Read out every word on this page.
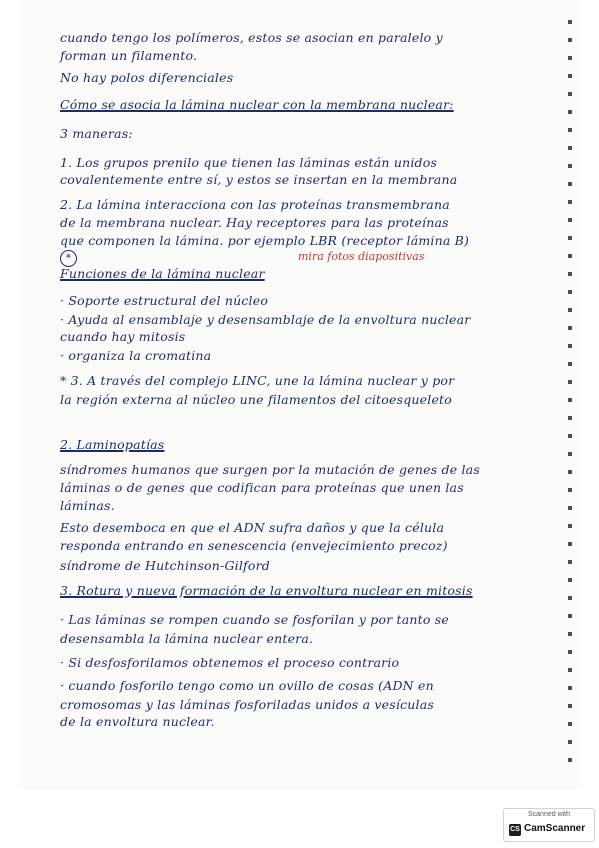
cuando tengo los polímeros, estos se asocian en paralelo y
forman un filamento.
No hay polos diferenciales
Cómo se asocia la lámina nuclear con la membrana nuclear:
3 maneras:
1. Los grupos prenilo que tienen las láminas están unidos
covalentemente entre sí, y estos se insertan en la membrana
2. La lámina interacciona con las proteínas transmembrana
de la membrana nuclear. Hay receptores para las proteínas
que componen la lámina. por ejemplo LBR (receptor lámina B)
*	mira fotos diapositivas
Funciones de la lámina nuclear
· Soporte estructural del núcleo
· Ayuda al ensamblaje y desensamblaje de la envoltura nuclear
cuando hay mitosis
· organiza la cromatina
* 3. A través del complejo LINC, une la lámina nuclear y por
la región externa al núcleo une filamentos del citoesqueleto
2. Laminopatías
síndromes humanos que surgen por la mutación de genes de las
láminas o de genes que codifican para proteínas que unen las
láminas.
Esto desemboca en que el ADN sufra daños y que la célula
responda entrando en senescencia (envejecimiento precoz)
síndrome de Hutchinson-Gilford
3. Rotura y nueva formación de la envoltura nuclear en mitosis
· Las láminas se rompen cuando se fosforilan y por tanto se
desensambla la lámina nuclear entera.
· Si desfosforilamos obtenemos el proceso contrario
· cuando fosforilo tengo como un ovillo de cosas (ADN en
cromosomas y las láminas fosforiladas unidos a vesículas
de la envoltura nuclear.
Scanned with
CS CamScanner
